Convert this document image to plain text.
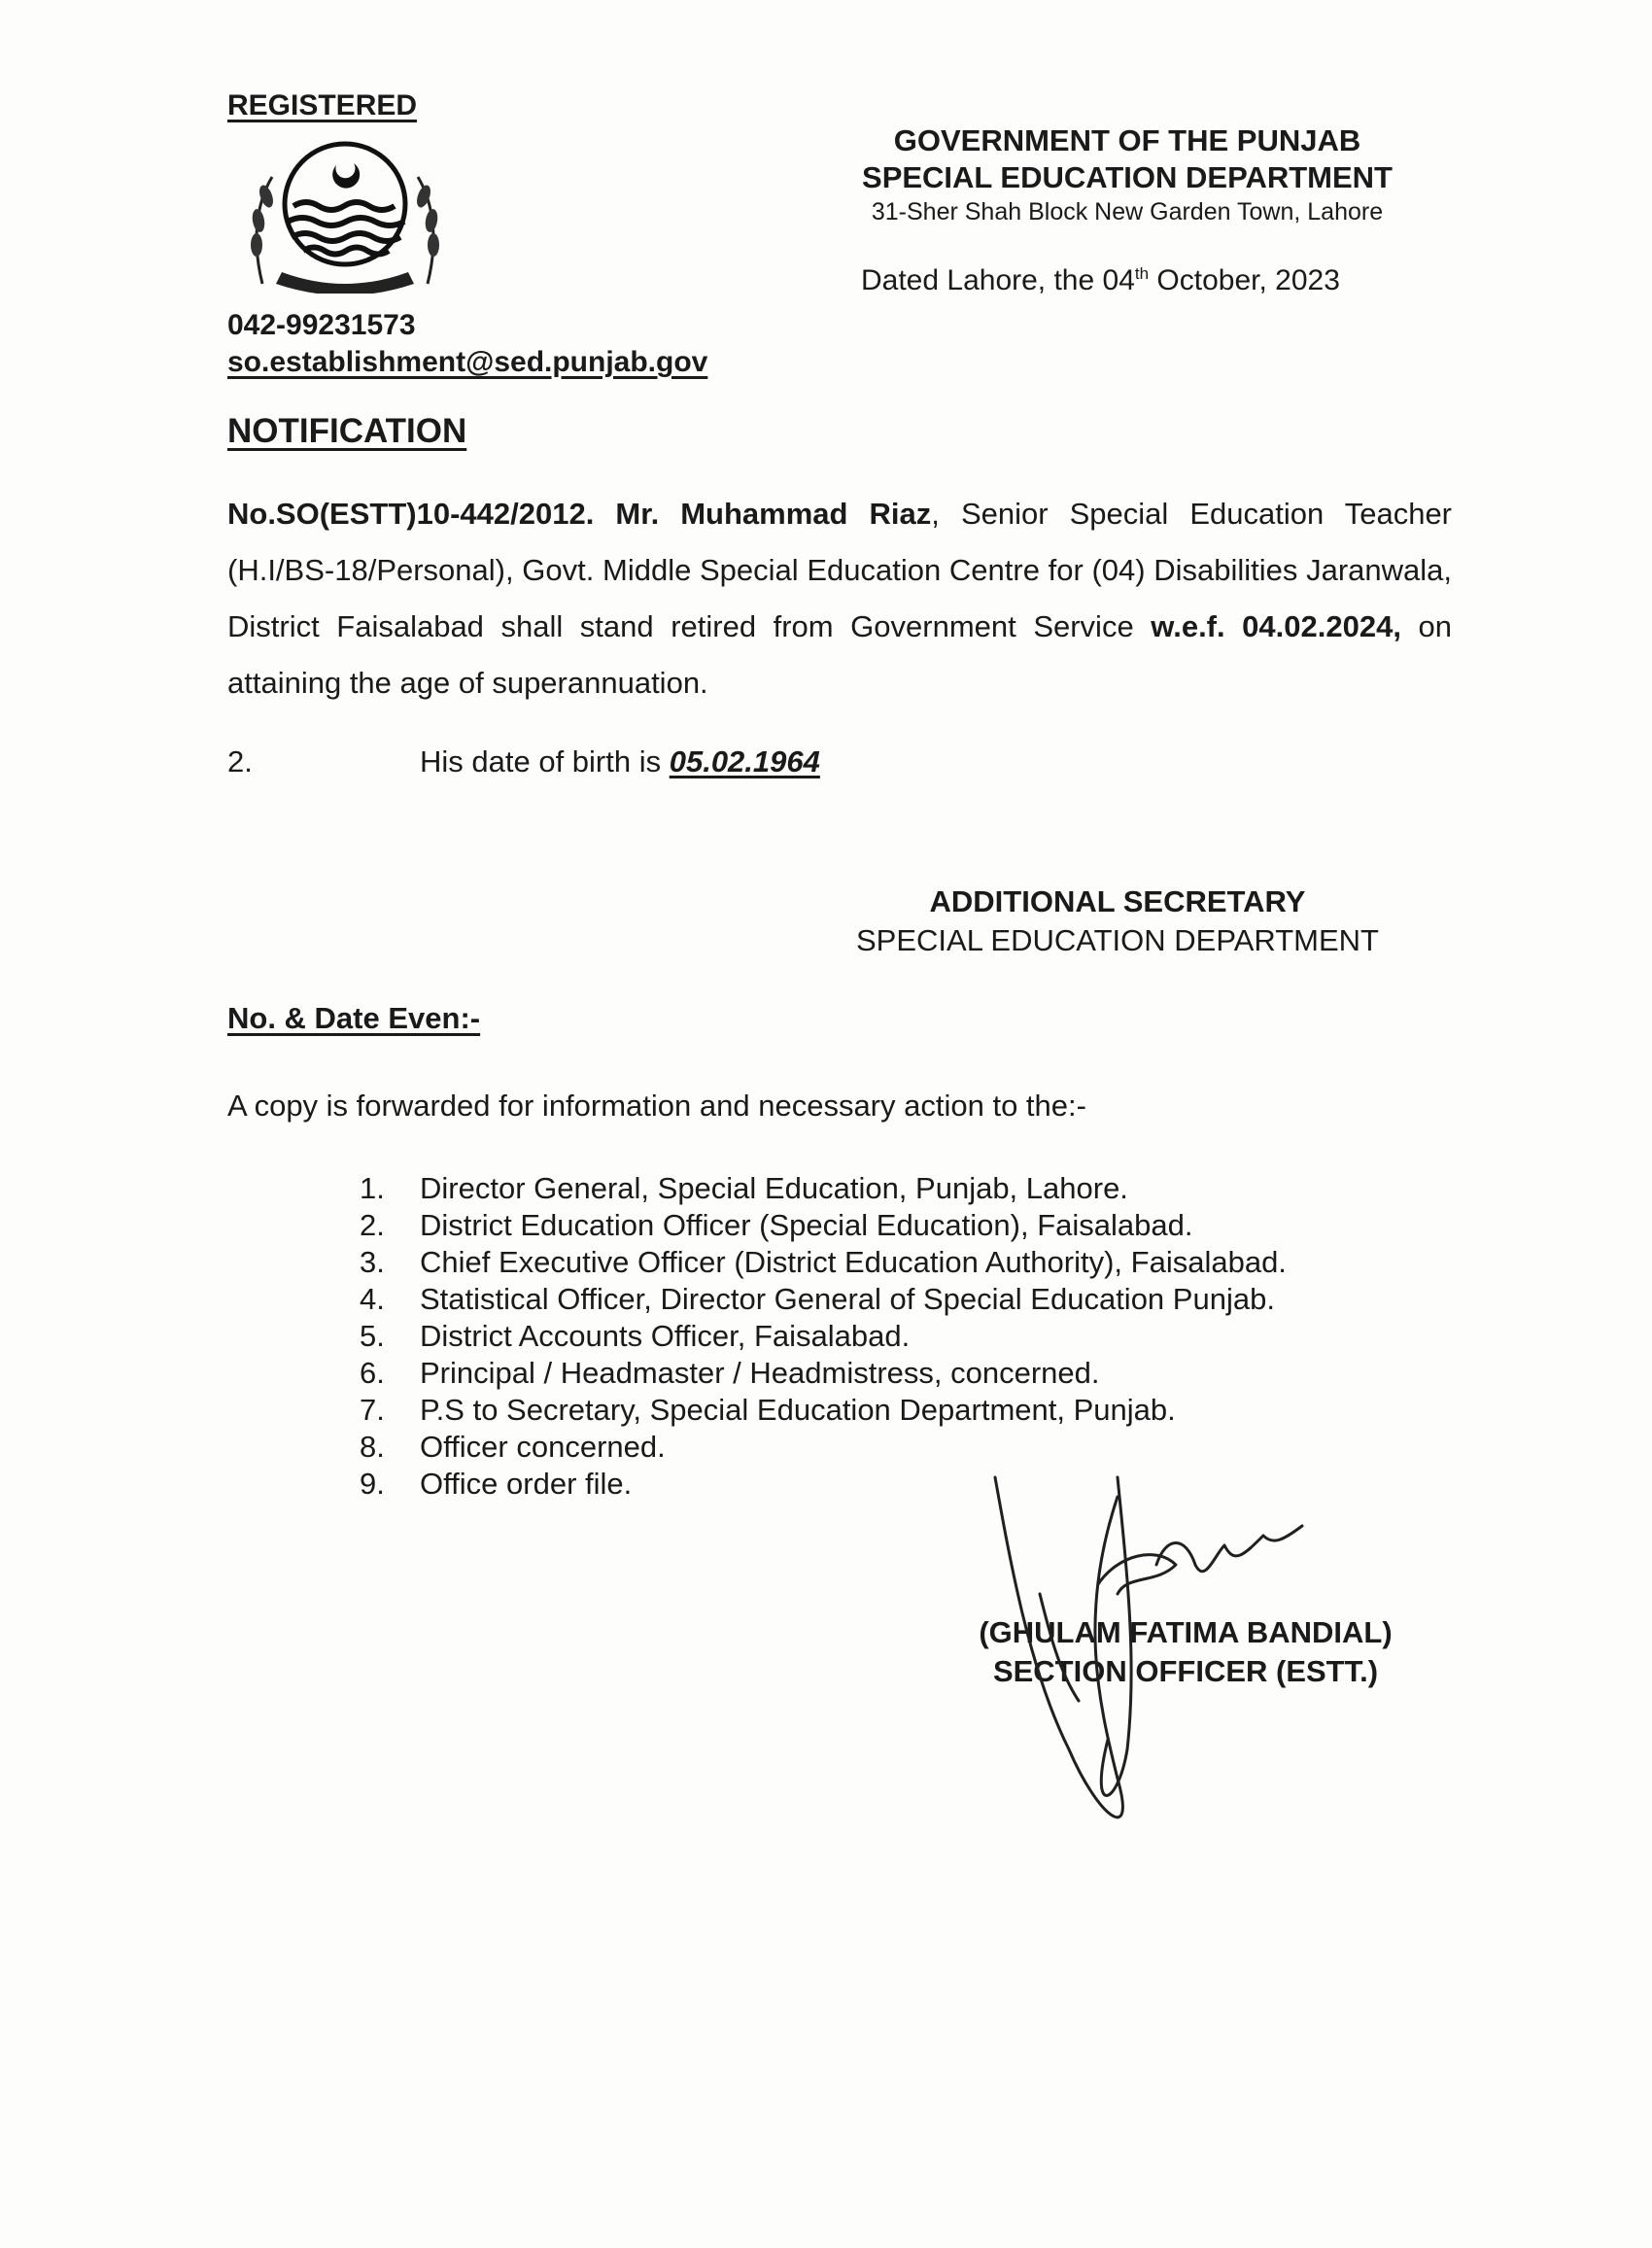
REGISTERED
042-99231573
so.establishment@sed.punjab.gov
GOVERNMENT OF THE PUNJAB
SPECIAL EDUCATION DEPARTMENT
31-Sher Shah Block New Garden Town, Lahore
Dated Lahore, the 04th October, 2023
NOTIFICATION
No.SO(ESTT)10-442/2012. Mr. Muhammad Riaz, Senior Special Education Teacher (H.I/BS-18/Personal), Govt. Middle Special Education Centre for (04) Disabilities Jaranwala, District Faisalabad shall stand retired from Government Service w.e.f. 04.02.2024, on attaining the age of superannuation.
2.	His date of birth is 05.02.1964
ADDITIONAL SECRETARY
SPECIAL EDUCATION DEPARTMENT
No. & Date Even:-
A copy is forwarded for information and necessary action to the:-
1.	Director General, Special Education, Punjab, Lahore.
2.	District Education Officer (Special Education), Faisalabad.
3.	Chief Executive Officer (District Education Authority), Faisalabad.
4.	Statistical Officer, Director General of Special Education Punjab.
5.	District Accounts Officer, Faisalabad.
6.	Principal / Headmaster / Headmistress, concerned.
7.	P.S to Secretary, Special Education Department, Punjab.
8.	Officer concerned.
9.	Office order file.
(GHULAM FATIMA BANDIAL)
SECTION OFFICER (ESTT.)
